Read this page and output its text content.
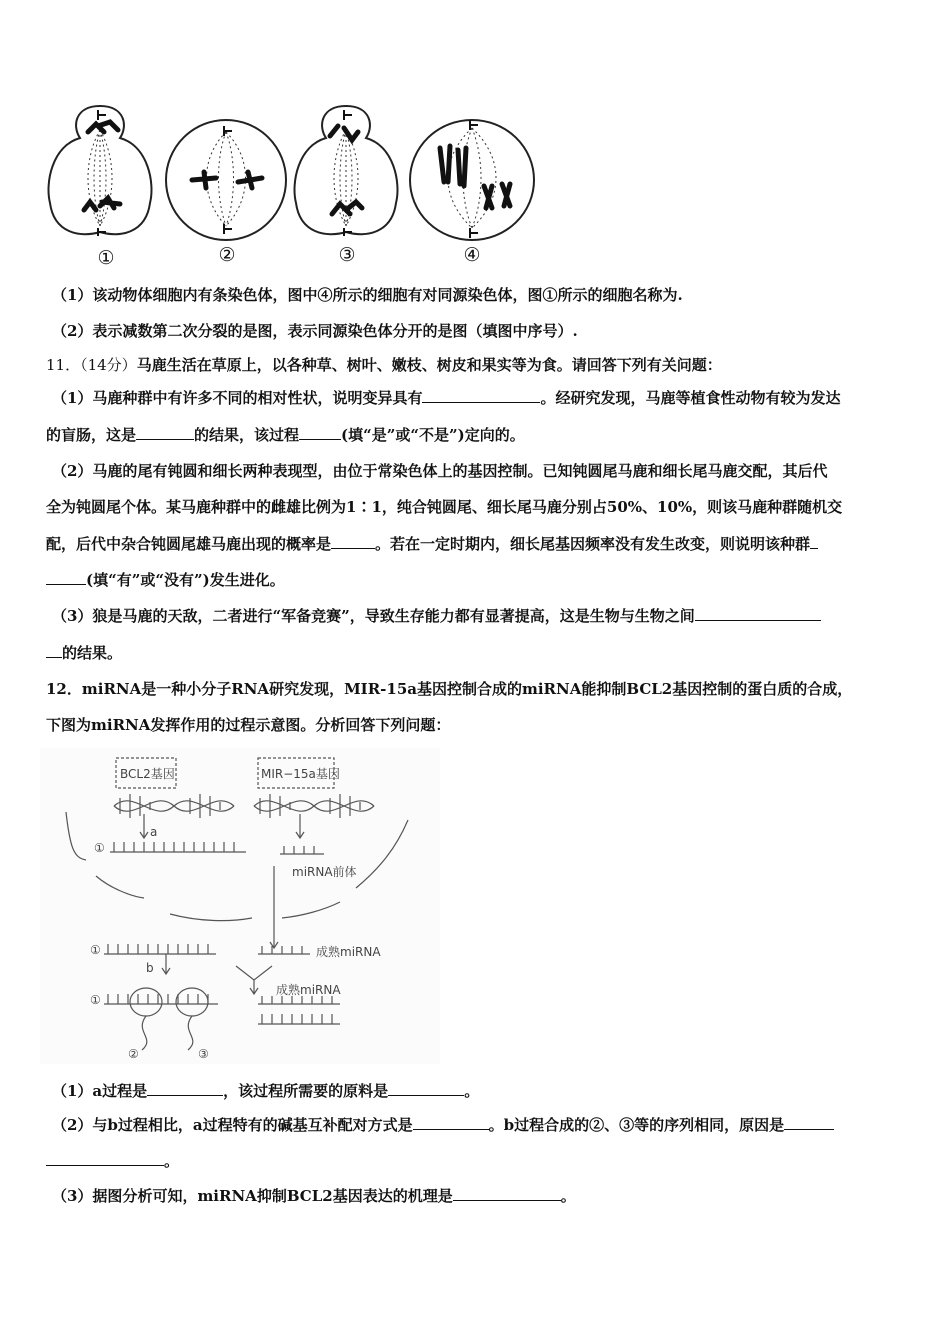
①	②	③	④
（1）该动物体细胞内有条染色体，图中④所示的细胞有对同源染色体，图①所示的细胞名称为.
（2）表示减数第二次分裂的是图，表示同源染色体分开的是图（填图中序号）.
11．（14分）马鹿生活在草原上，以各种草、树叶、嫩枝、树皮和果实等为食。请回答下列有关问题：
（1）马鹿种群中有许多不同的相对性状，说明变异具有	。经研究发现，马鹿等植食性动物有较为发达
的盲肠，这是	的结果，该过程	(填“是”或“不是”)定向的。
（2）马鹿的尾有钝圆和细长两种表现型，由位于常染色体上的基因控制。已知钝圆尾马鹿和细长尾马鹿交配，其后代
全为钝圆尾个体。某马鹿种群中的雌雄比例为1∶1，纯合钝圆尾、细长尾马鹿分别占50%、10%，则该马鹿种群随机交
配，后代中杂合钝圆尾雄马鹿出现的概率是	。若在一定时期内，细长尾基因频率没有发生改变，则说明该种群
(填“有”或“没有”)发生进化。
（3）狼是马鹿的天敌，二者进行“军备竞赛”，导致生存能力都有显著提高，这是生物与生物之间
的结果。
12．miRNA是一种小分子RNA研究发现，MIR-15a基因控制合成的miRNA能抑制BCL2基因控制的蛋白质的合成，
下图为miRNA发挥作用的过程示意图。分析回答下列问题：
BCL2基因	MIR−15a基因
a
b
miRNA前体
成熟miRNA
成熟miRNA
①
①
①
②	③
（1）a过程是	，该过程所需要的原料是	。
（2）与b过程相比，a过程特有的碱基互补配对方式是	。b过程合成的②、③等的序列相同，原因是
。
（3）据图分析可知，miRNA抑制BCL2基因表达的机理是	。
